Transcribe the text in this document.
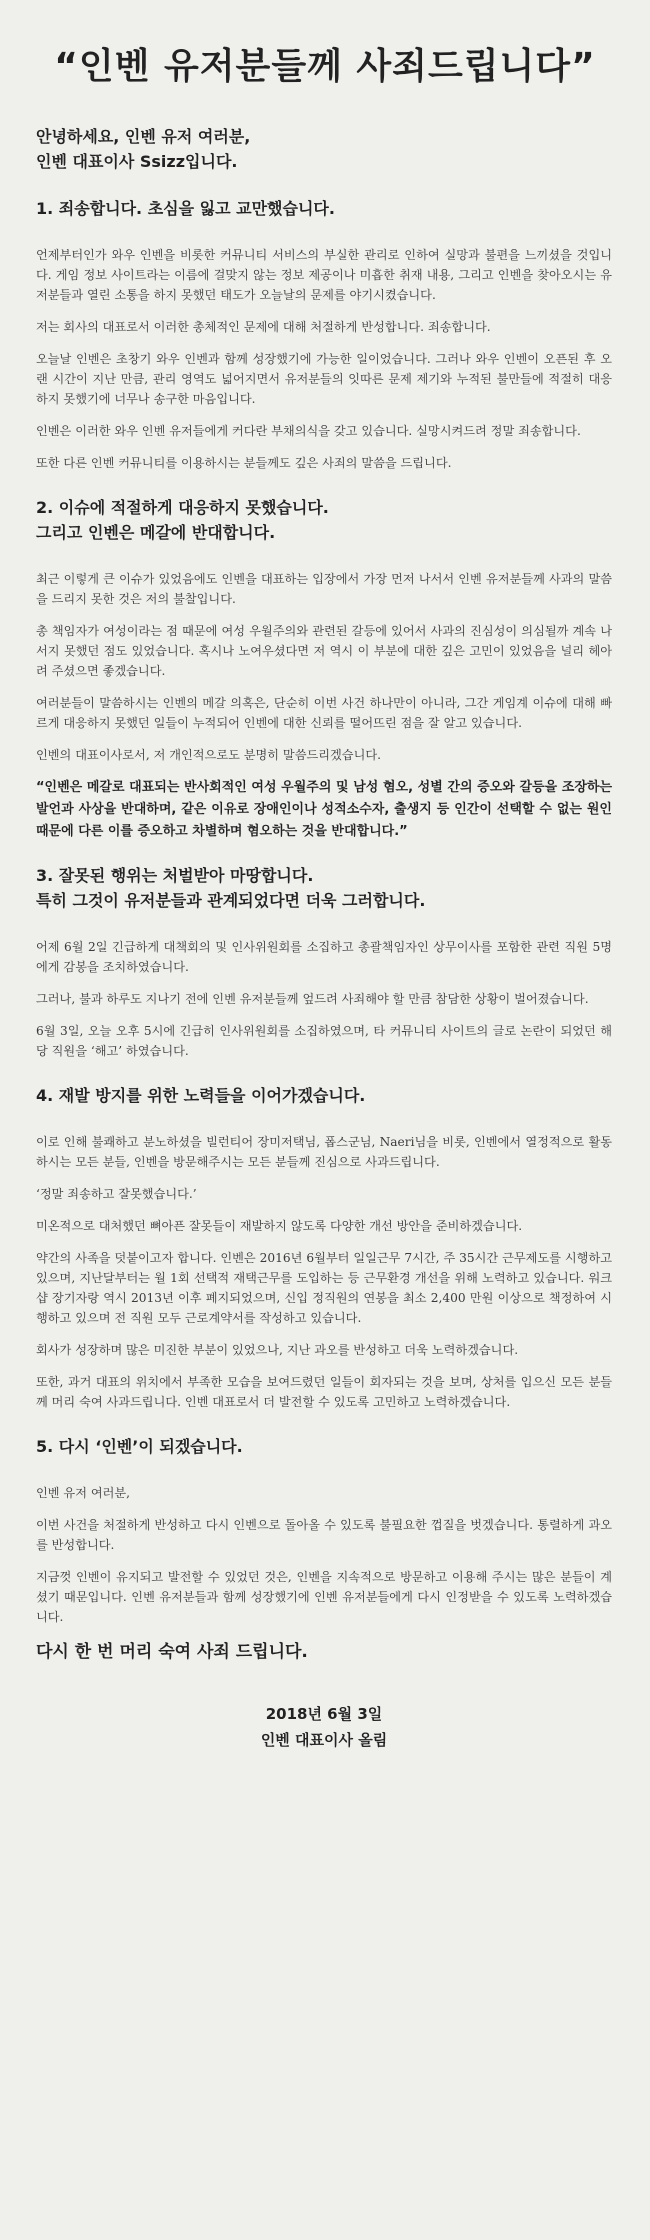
“인벤 유저분들께 사죄드립니다”
안녕하세요, 인벤 유저 여러분,
인벤 대표이사 Ssizz입니다.
1. 죄송합니다. 초심을 잃고 교만했습니다.

언제부터인가 와우 인벤을 비롯한 커뮤니티 서비스의 부실한 관리로 인하여 실망과 불편을 느끼셨을 것입니다. 게임 정보 사이트라는 이름에 걸맞지 않는 정보 제공이나 미흡한 취재 내용, 그리고 인벤을 찾아오시는 유저분들과 열린 소통을 하지 못했던 태도가 오늘날의 문제를 야기시켰습니다.

저는 회사의 대표로서 이러한 총체적인 문제에 대해 처절하게 반성합니다. 죄송합니다.

오늘날 인벤은 초창기 와우 인벤과 함께 성장했기에 가능한 일이었습니다. 그러나 와우 인벤이 오픈된 후 오랜 시간이 지난 만큼, 관리 영역도 넓어지면서 유저분들의 잇따른 문제 제기와 누적된 불만들에 적절히 대응하지 못했기에 너무나 송구한 마음입니다.

인벤은 이러한 와우 인벤 유저들에게 커다란 부채의식을 갖고 있습니다. 실망시켜드려 정말 죄송합니다.

또한 다른 인벤 커뮤니티를 이용하시는 분들께도 깊은 사죄의 말씀을 드립니다.

2. 이슈에 적절하게 대응하지 못했습니다.
그리고 인벤은 메갈에 반대합니다.

최근 이렇게 큰 이슈가 있었음에도 인벤을 대표하는 입장에서 가장 먼저 나서서 인벤 유저분들께 사과의 말씀을 드리지 못한 것은 저의 불찰입니다.

총 책임자가 여성이라는 점 때문에 여성 우월주의와 관련된 갈등에 있어서 사과의 진심성이 의심될까 계속 나서지 못했던 점도 있었습니다. 혹시나 노여우셨다면 저 역시 이 부분에 대한 깊은 고민이 있었음을 널리 헤아려 주셨으면 좋겠습니다.

여러분들이 말씀하시는 인벤의 메갈 의혹은, 단순히 이번 사건 하나만이 아니라, 그간 게임계 이슈에 대해 빠르게 대응하지 못했던 일들이 누적되어 인벤에 대한 신뢰를 떨어뜨린 점을 잘 알고 있습니다.

인벤의 대표이사로서, 저 개인적으로도 분명히 말씀드리겠습니다.

“인벤은 메갈로 대표되는 반사회적인 여성 우월주의 및 남성 혐오, 성별 간의 증오와 갈등을 조장하는 발언과 사상을 반대하며, 같은 이유로 장애인이나 성적소수자, 출생지 등 인간이 선택할 수 없는 원인 때문에 다른 이를 증오하고 차별하며 혐오하는 것을 반대합니다.”

3. 잘못된 행위는 처벌받아 마땅합니다.
특히 그것이 유저분들과 관계되었다면 더욱 그러합니다.

어제 6월 2일 긴급하게 대책회의 및 인사위원회를 소집하고 총괄책임자인 상무이사를 포함한 관련 직원 5명에게 감봉을 조치하였습니다.

그러나, 불과 하루도 지나기 전에 인벤 유저분들께 엎드려 사죄해야 할 만큼 참담한 상황이 벌어졌습니다.

6월 3일, 오늘 오후 5시에 긴급히 인사위원회를 소집하였으며, 타 커뮤니티 사이트의 글로 논란이 되었던 해당 직원을 ‘해고’ 하였습니다.

4. 재발 방지를 위한 노력들을 이어가겠습니다.

이로 인해 불쾌하고 분노하셨을 빌런티어 장미저택님, 폽스군님, Naeri님을 비롯, 인벤에서 열정적으로 활동하시는 모든 분들, 인벤을 방문해주시는 모든 분들께 진심으로 사과드립니다.

‘정말 죄송하고 잘못했습니다.’

미온적으로 대처했던 뼈아픈 잘못들이 재발하지 않도록 다양한 개선 방안을 준비하겠습니다.

약간의 사족을 덧붙이고자 합니다. 인벤은 2016년 6월부터 일일근무 7시간, 주 35시간 근무제도를 시행하고 있으며, 지난달부터는 월 1회 선택적 재택근무를 도입하는 등 근무환경 개선을 위해 노력하고 있습니다. 워크샵 장기자랑 역시 2013년 이후 폐지되었으며, 신입 정직원의 연봉을 최소 2,400 만원 이상으로 책정하여 시행하고 있으며 전 직원 모두 근로계약서를 작성하고 있습니다.

회사가 성장하며 많은 미진한 부분이 있었으나, 지난 과오를 반성하고 더욱 노력하겠습니다.

또한, 과거 대표의 위치에서 부족한 모습을 보여드렸던 일들이 회자되는 것을 보며, 상처를 입으신 모든 분들께 머리 숙여 사과드립니다. 인벤 대표로서 더 발전할 수 있도록 고민하고 노력하겠습니다.

5. 다시 ‘인벤’이 되겠습니다.

인벤 유저 여러분,

이번 사건을 처절하게 반성하고 다시 인벤으로 돌아올 수 있도록 불필요한 껍질을 벗겠습니다. 통렬하게 과오를 반성합니다.

지금껏 인벤이 유지되고 발전할 수 있었던 것은, 인벤을 지속적으로 방문하고 이용해 주시는 많은 분들이 계셨기 때문입니다. 인벤 유저분들과 함께 성장했기에 인벤 유저분들에게 다시 인정받을 수 있도록 노력하겠습니다.

다시 한 번 머리 숙여 사죄 드립니다.

2018년 6월 3일

인벤 대표이사 올림
